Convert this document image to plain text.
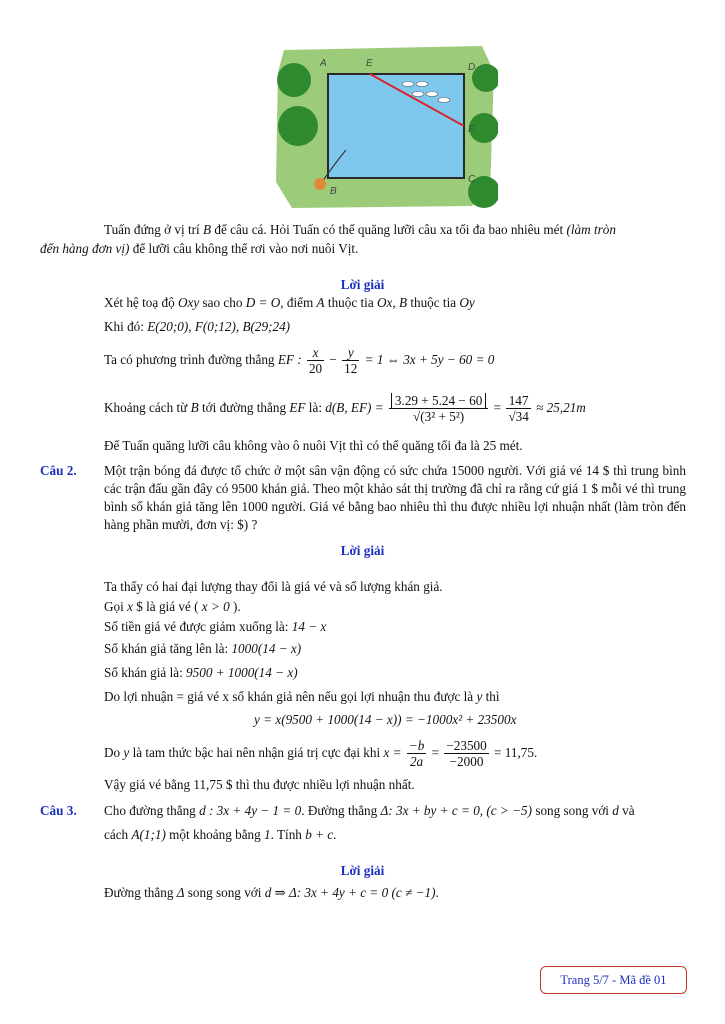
A	E	D
F
C
B
Tuấn đứng ở vị trí B để câu cá. Hỏi Tuấn có thể quăng lưỡi câu xa tối đa bao nhiêu mét (làm tròn
đến hàng đơn vị) để lưỡi câu không thể rơi vào nơi nuôi Vịt.
Lời giải
Xét hệ toạ độ Oxy sao cho D = O, điểm A thuộc tia Ox, B thuộc tia Oy
Khi đó: E(20;0), F(0;12), B(29;24)
Ta có phương trình đường thẳng EF : $\frac{x}{20} - \frac{y}{12} = 1$ ⇔ 3x + 5y − 60 = 0
Khoảng cách từ B tới đường thẳng EF là: d(B, $EF) = \frac{3.29 + 5.24 - 60}{\text{√(3² + 5²)}} = \frac{147}{√34} \approx 25,21m$
Để Tuấn quăng lưỡi câu không vào ô nuôi Vịt thì có thể quăng tối đa là 25 mét.
Câu 2. Một trận bóng đá được tổ chức ở một sân vận động có sức chứa 15000 người. Với giá vé 14 $ thì trung bình các trận đấu gần đây có 9500 khán giả. Theo một khảo sát thị trường đã chỉ ra rằng cứ giá 1 $ mỗi vé thì trung bình số khán giả tăng lên 1000 người. Giá vé bằng bao nhiêu thì thu được nhiều lợi nhuận nhất (làm tròn đến hàng phần mười, đơn vị: $) ?
Lời giải
Ta thấy có hai đại lượng thay đổi là giá vé và số lượng khán giả.
Gọi x $ là giá vé ( x > 0 ).
Số tiền giá vé được giảm xuống là: 14 − x
Số khán giả tăng lên là: 1000(14 − x)
Số khán giả là: 9500 + 1000(14 − x)
Do lợi nhuận = giá vé x số khán giả nên nếu gọi lợi nhuận thu được là y thì
y = x(9500 + 1000(14 − x)) = −1000x² + 23500x
Do y là tam thức bậc hai nên nhận giá trị cực đại khi $x = \frac{-b}{2a} = \frac{-23500}{-2000} = 11,75$.
Vậy giá vé bằng 11,75 $ thì thu được nhiều lợi nhuận nhất.
Câu 3. Cho đường thẳng d : 3x + 4y − 1 = 0. Đường thẳng Δ: 3x + by + c = 0, (c > −5) song song với d và
cách A(1;1) một khoảng bằng 1. Tính b + c.
Lời giải
Đường thẳng Δ song song với d ⇒ Δ: 3x + 4y + c = 0 (c ≠ −1).
Trang 5/7 - Mã đề 01
